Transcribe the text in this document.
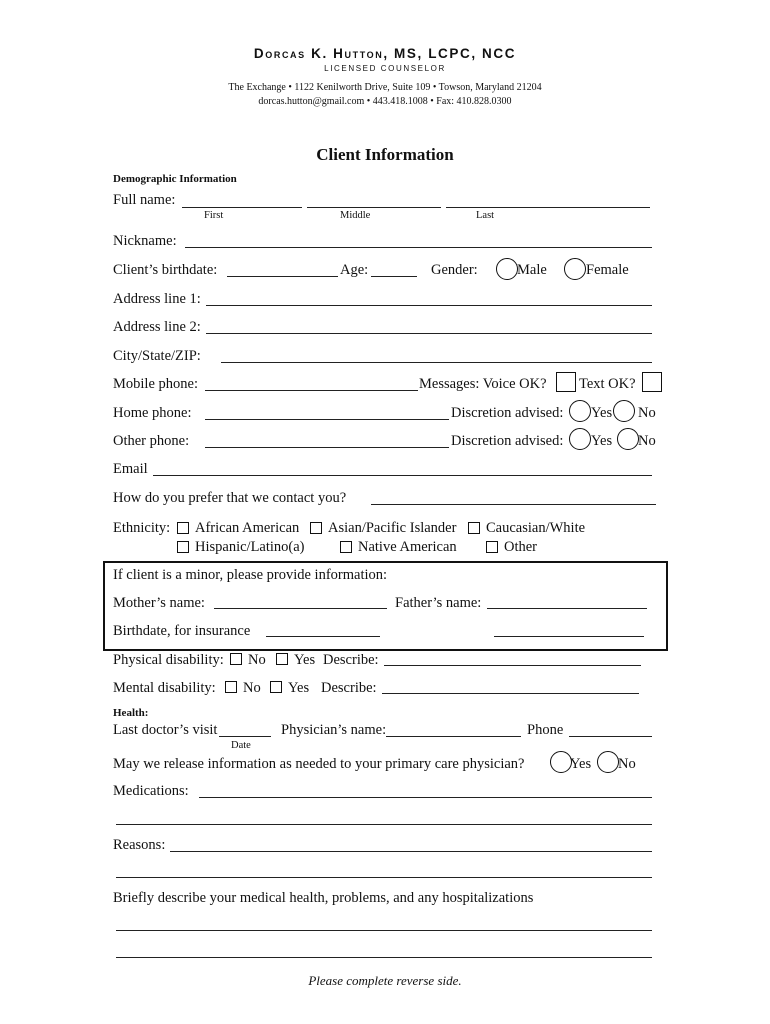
Dorcas K. Hutton, MS, LCPC, NCC
LICENSED COUNSELOR
The Exchange • 1122 Kenilworth Drive, Suite 109 • Towson, Maryland 21204
dorcas.hutton@gmail.com • 443.418.1008 • Fax: 410.828.0300
Client Information
Demographic Information
Full name:
First	Middle	Last
Nickname:
Client’s birthdate:	Age:	Gender:	Male	Female
Address line 1:
Address line 2:
City/State/ZIP:
Mobile phone:	Messages: Voice OK? Text OK?
Home phone:	Discretion advised: Yes No
Other phone:	Discretion advised: Yes No
Email
How do you prefer that we contact you?
Ethnicity: African American Asian/Pacific Islander Caucasian/White
Hispanic/Latino(a)	Native American	Other
If client is a minor, please provide information:
Mother’s name:	Father’s name:
Birthdate, for insurance
Physical disability: No Yes Describe:
Mental disability: No Yes Describe:
Health:
Last doctor’s visit
Date
Physician’s name:	Phone
May we release information as needed to your primary care physician?	Yes No
Medications:
Reasons:
Briefly describe your medical health, problems, and any hospitalizations
Please complete reverse side.
